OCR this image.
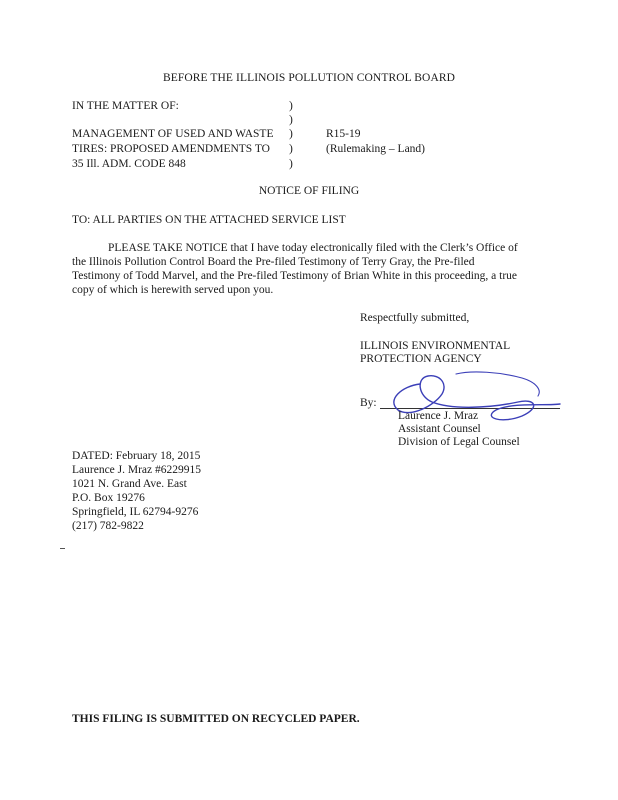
BEFORE THE ILLINOIS POLLUTION CONTROL BOARD
IN THE MATTER OF:	)
)
)
)
)
MANAGEMENT OF USED AND WASTE
TIRES: PROPOSED AMENDMENTS TO
35 Ill. ADM. CODE 848
R15-19
(Rulemaking – Land)
NOTICE OF FILING
TO: ALL PARTIES ON THE ATTACHED SERVICE LIST
PLEASE TAKE NOTICE that I have today electronically filed with the Clerk’s Office of
the Illinois Pollution Control Board the Pre-filed Testimony of Terry Gray, the Pre-filed
Testimony of Todd Marvel, and the Pre-filed Testimony of Brian White in this proceeding, a true
copy of which is herewith served upon you.
Respectfully submitted,
ILLINOIS ENVIRONMENTAL
PROTECTION AGENCY
By:
Laurence J. Mraz
Assistant Counsel
Division of Legal Counsel
DATED: February 18, 2015
Laurence J. Mraz #6229915
1021 N. Grand Ave. East
P.O. Box 19276
Springfield, IL 62794-9276
(217) 782-9822
THIS FILING IS SUBMITTED ON RECYCLED PAPER.
